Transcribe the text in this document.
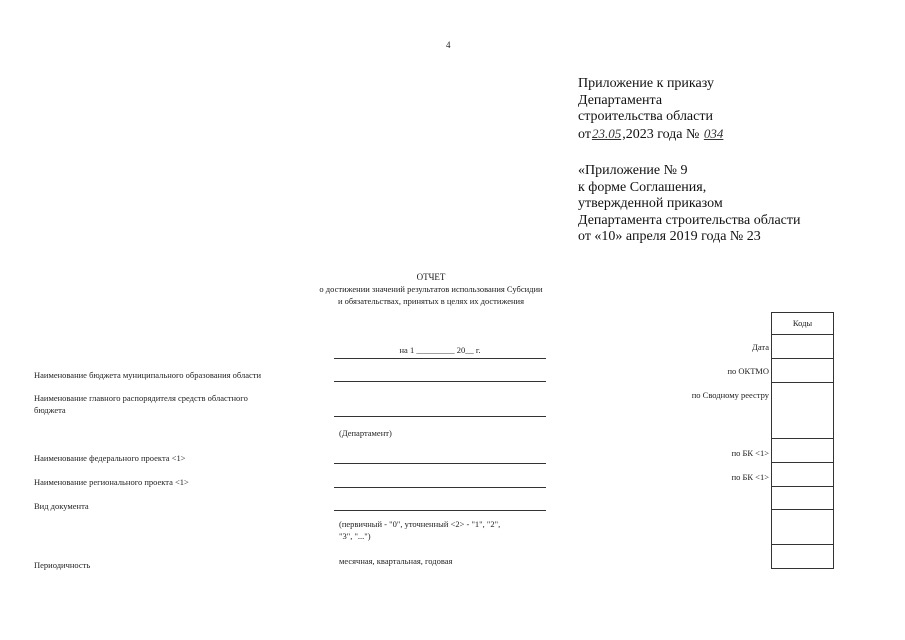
4
Приложение к приказу
Департамента
строительства области
от23.05,2023 года № 034
«Приложение № 9
к форме Соглашения,
утвержденной приказом
Департамента строительства области
от «10» апреля 2019 года № 23
ОТЧЕТ
о достижении значений результатов использования Субсидии
и обязательствах, принятых в целях их достижения
Наименование бюджета муниципального образования области
Наименование главного распорядителя средств областного
бюджета
Наименование федерального проекта <1>
Наименование регионального проекта <1>
Вид документа
Периодичность
на 1 _________ 20__ г.
(Департамент)
(первичный - "0", уточненный <2> - "1", "2",
"3", "...")
месячная, квартальная, годовая
Дата
по ОКТМО
по Сводному реестру
по БК <1>
по БК <1>
Коды
